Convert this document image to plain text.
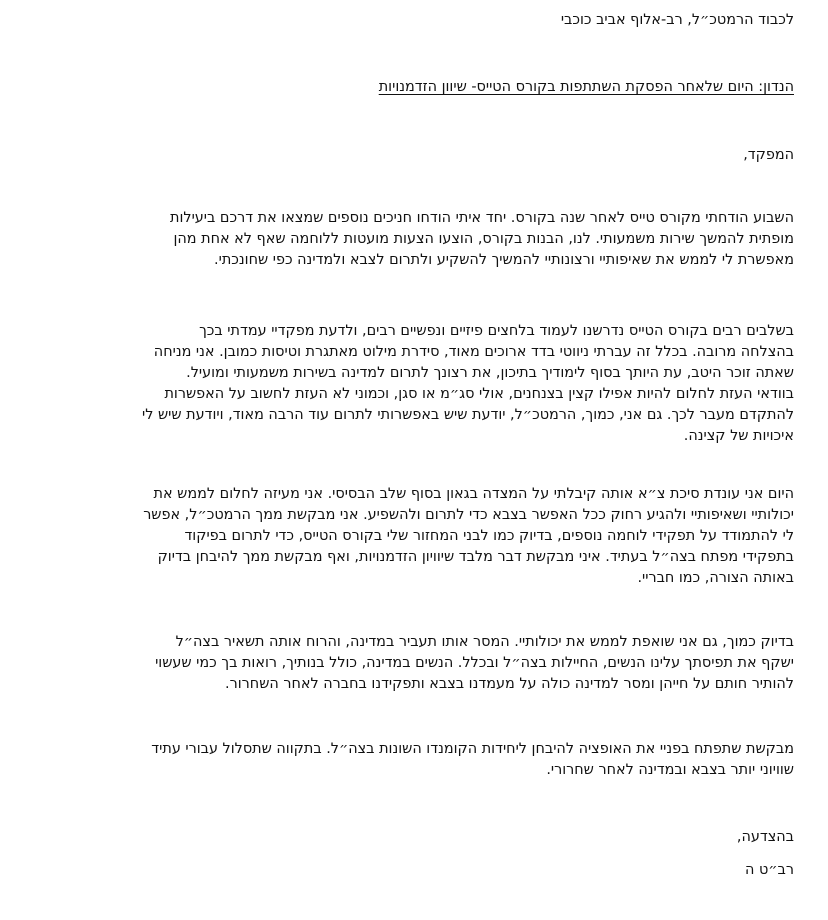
לכבוד הרמטכ״ל, רב-אלוף אביב כוכבי

הנדון: היום שלאחר הפסקת השתתפות בקורס הטייס- שיוון הזדמנויות

המפקד,

השבוע הודחתי מקורס טייס לאחר שנה בקורס. יחד איתי הודחו חניכים נוספים שמצאו את דרכם ביעילות

מופתית להמשך שירות משמעותי. לנו, הבנות בקורס, הוצעו הצעות מועטות ללוחמה שאף לא אחת מהן

מאפשרת לי לממש את שאיפותיי ורצונותיי להמשיך להשקיע ולתרום לצבא ולמדינה כפי שחונכתי.

בשלבים רבים בקורס הטייס נדרשנו לעמוד בלחצים פיזיים ונפשיים רבים, ולדעת מפקדיי עמדתי בכך

בהצלחה מרובה. בכלל זה עברתי ניווטי בדד ארוכים מאוד, סידרת מילוט מאתגרת וטיסות כמובן. אני מניחה

שאתה זוכר היטב, עת היותך בסוף לימודיך בתיכון, את רצונך לתרום למדינה בשירות משמעותי ומועיל.

בוודאי העזת לחלום להיות אפילו קצין בצנחנים, אולי סג״מ או סגן, וכמוני לא העזת לחשוב על האפשרות

להתקדם מעבר לכך. גם אני, כמוך, הרמטכ״ל, יודעת שיש באפשרותי לתרום עוד הרבה מאוד, ויודעת שיש לי

איכויות של קצינה.

היום אני עונדת סיכת צ״א אותה קיבלתי על המצדה בגאון בסוף שלב הבסיסי. אני מעיזה לחלום לממש את

יכולותיי ושאיפותיי ולהגיע רחוק ככל האפשר בצבא כדי לתרום ולהשפיע. אני מבקשת ממך הרמטכ״ל, אפשר

לי להתמודד על תפקידי לוחמה נוספים, בדיוק כמו לבני המחזור שלי בקורס הטייס, כדי לתרום בפיקוד

בתפקידי מפתח בצה״ל בעתיד. איני מבקשת דבר מלבד שיוויון הזדמנויות, ואף מבקשת ממך להיבחן בדיוק

באותה הצורה, כמו חבריי.

בדיוק כמוך, גם אני שואפת לממש את יכולותיי. המסר אותו תעביר במדינה, והרוח אותה תשאיר בצה״ל

ישקף את תפיסתך עלינו הנשים, החיילות בצה״ל ובכלל. הנשים במדינה, כולל בנותיך, רואות בך כמי שעשוי

להותיר חותם על חייהן ומסר למדינה כולה על מעמדנו בצבא ותפקידנו בחברה לאחר השחרור.

מבקשת שתפתח בפניי את האופציה להיבחן ליחידות הקומנדו השונות בצה״ל. בתקווה שתסלול עבורי עתיד

שוויוני יותר בצבא ובמדינה לאחר שחרורי.

בהצדעה,

רב״ט ה
